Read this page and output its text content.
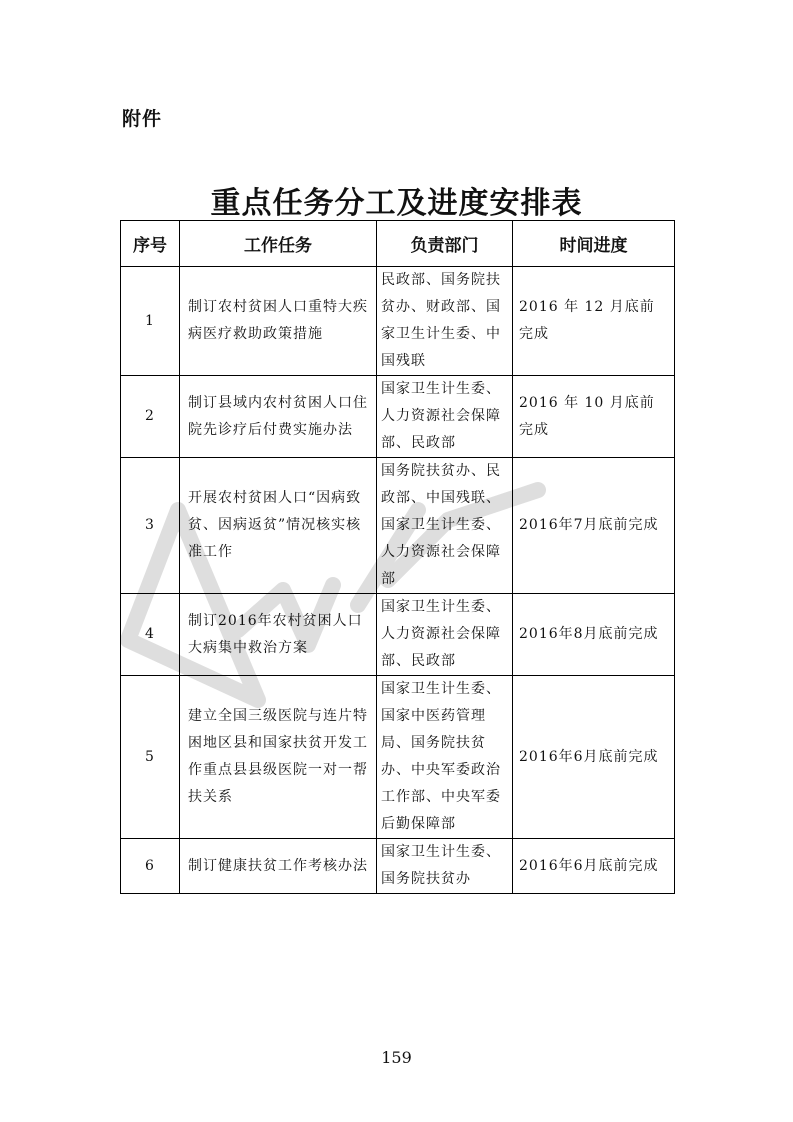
附件
重点任务分工及进度安排表
序号	工作任务	负责部门	时间进度
1	制订农村贫困人口重特大疾病医疗救助政策措施	民政部、国务院扶贫办、财政部、国家卫生计生委、中国残联	2016 年 12 月底前完成
2	制订县域内农村贫困人口住院先诊疗后付费实施办法	国家卫生计生委、人力资源社会保障部、民政部	2016 年 10 月底前完成
3	开展农村贫困人口“因病致贫、因病返贫”情况核实核准工作	国务院扶贫办、民政部、中国残联、国家卫生计生委、人力资源社会保障部	2016年7月底前完成
4	制订2016年农村贫困人口大病集中救治方案	国家卫生计生委、人力资源社会保障部、民政部	2016年8月底前完成
5	建立全国三级医院与连片特困地区县和国家扶贫开发工作重点县县级医院一对一帮扶关系	国家卫生计生委、国家中医药管理局、国务院扶贫办、中央军委政治工作部、中央军委后勤保障部	2016年6月底前完成
6	制订健康扶贫工作考核办法	国家卫生计生委、国务院扶贫办	2016年6月底前完成
159
